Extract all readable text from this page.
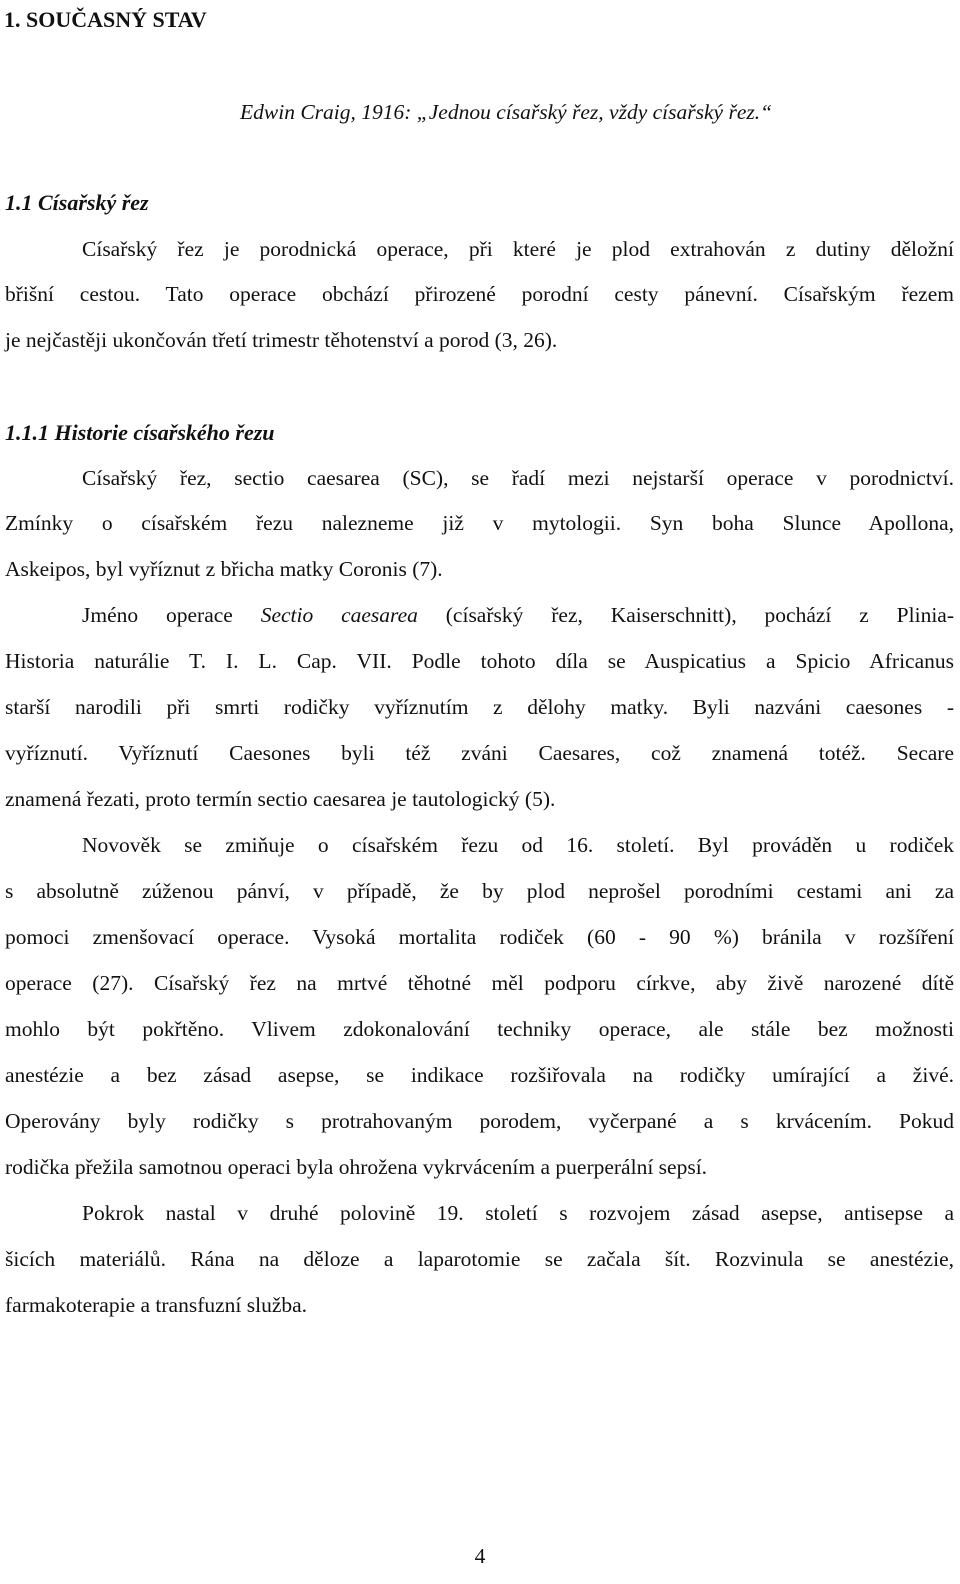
1. SOUČASNÝ STAV
Edwin Craig, 1916: „Jednou císařský řez, vždy císařský řez.“
1.1 Císařský řez
Císařský řez je porodnická operace, při které je plod extrahován z dutiny děložní
břišní cestou. Tato operace obchází přirozené porodní cesty pánevní. Císařským řezem
je nejčastěji ukončován třetí trimestr těhotenství a porod (3, 26).
1.1.1 Historie císařského řezu
Císařský řez, sectio caesarea (SC), se řadí mezi nejstarší operace v porodnictví.
Zmínky o císařském řezu nalezneme již v mytologii. Syn boha Slunce Apollona,
Askeipos, byl vyříznut z břicha matky Coronis (7).
Jméno operace Sectio caesarea (císařský řez, Kaiserschnitt), pochází z Plinia-
Historia naturálie T. I. L. Cap. VII. Podle tohoto díla se Auspicatius a Spicio Africanus
starší narodili při smrti rodičky vyříznutím z dělohy matky. Byli nazváni caesones -
vyříznutí. Vyříznutí Caesones byli též zváni Caesares, což znamená totéž. Secare
znamená řezati, proto termín sectio caesarea je tautologický (5).
Novověk se zmiňuje o císařském řezu od 16. století. Byl prováděn u rodiček
s absolutně zúženou pánví, v případě, že by plod neprošel porodními cestami ani za
pomoci zmenšovací operace. Vysoká mortalita rodiček (60 - 90 %) bránila v rozšíření
operace (27). Císařský řez na mrtvé těhotné měl podporu církve, aby živě narozené dítě
mohlo být pokřtěno. Vlivem zdokonalování techniky operace, ale stále bez možnosti
anestézie a bez zásad asepse, se indikace rozšiřovala na rodičky umírající a živé.
Operovány byly rodičky s protrahovaným porodem, vyčerpané a s krvácením. Pokud
rodička přežila samotnou operaci byla ohrožena vykrvácením a puerperální sepsí.
Pokrok nastal v druhé polovině 19. století s rozvojem zásad asepse, antisepse a
šicích materiálů. Rána na děloze a laparotomie se začala šít. Rozvinula se anestézie,
farmakoterapie a transfuzní služba.
4
